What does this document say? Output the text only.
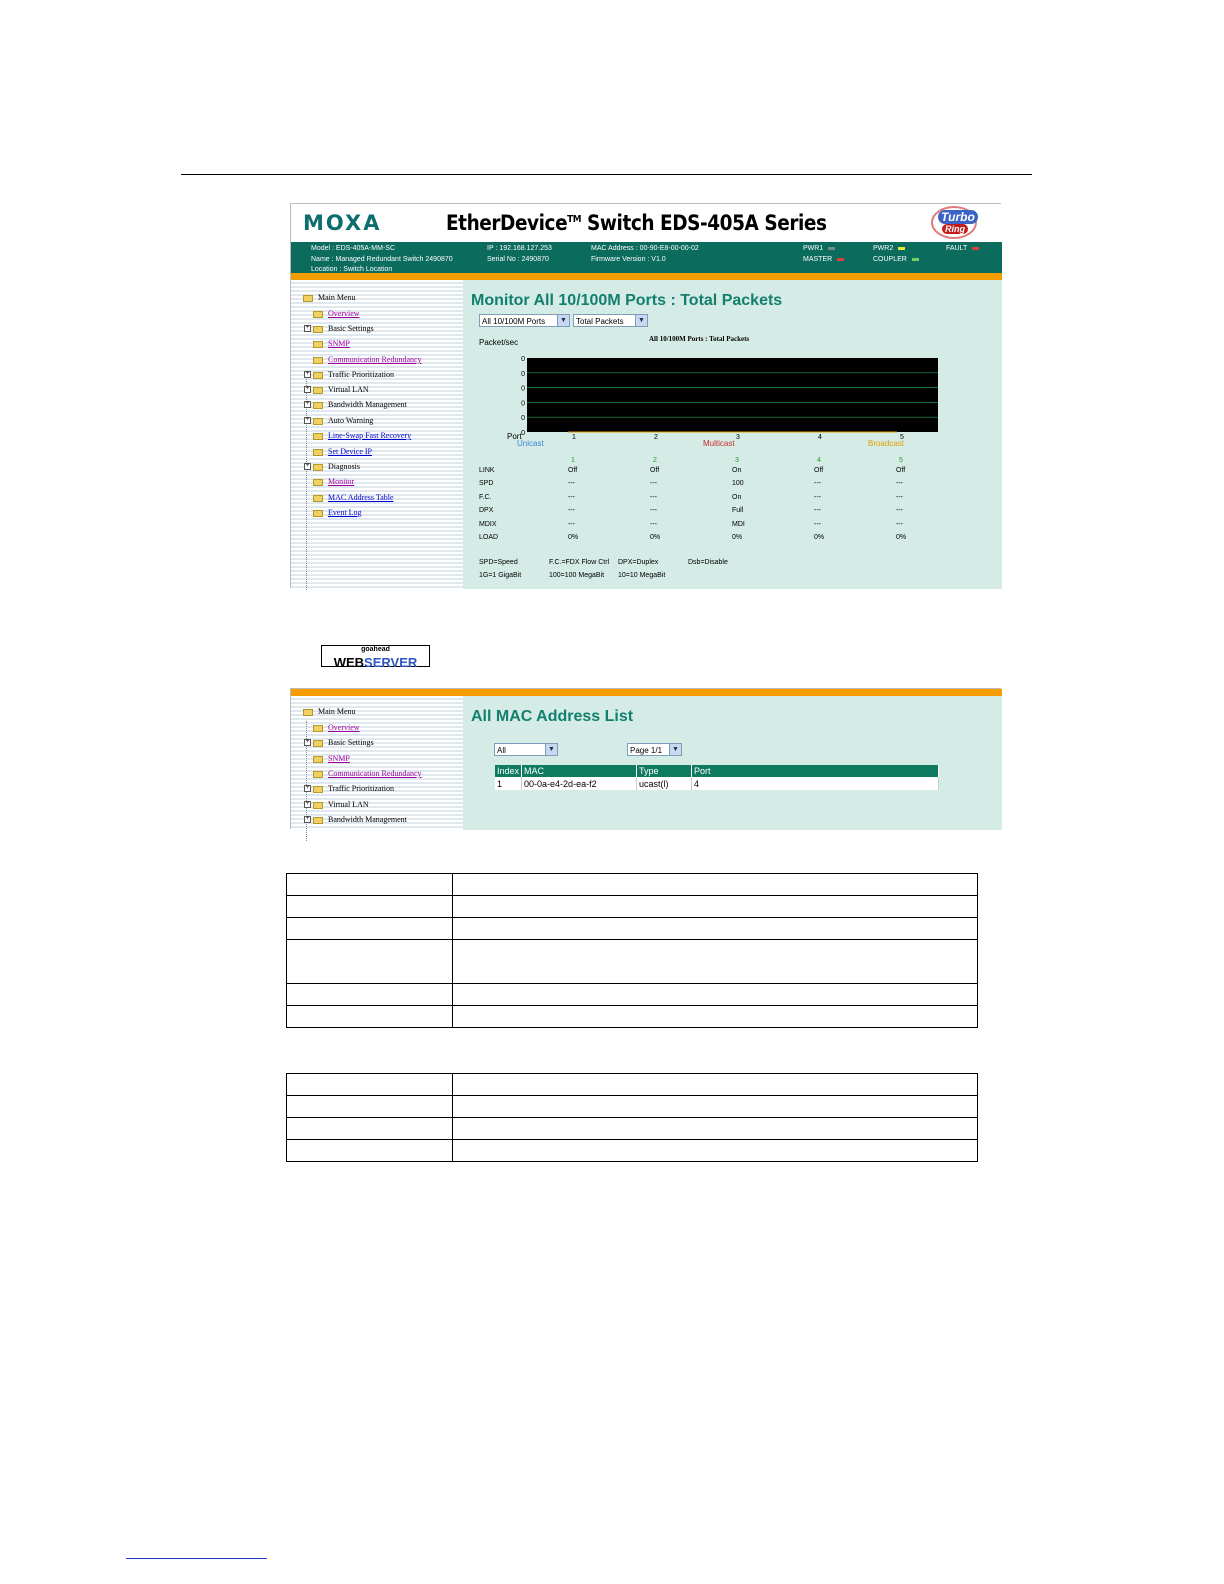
MOXA	EtherDevice™ Switch EDS-405A Series	Turbo
Ring
Model : EDS-405A-MM-SC
Name : Managed Redundant Switch 2490870
Location : Switch Location
IP : 192.168.127.253
Serial No : 2490870
MAC Address : 00-90-E8-00-00-02
Firmware Version : V1.0
PWR1
MASTER
PWR2
COUPLER
FAULT
Main Menu
Overview
+	Basic Settings
SNMP
Communication Redundancy
+	Traffic Prioritization
+	Virtual LAN
+	Bandwidth Management
+	Auto Warning
Line-Swap Fast Recovery
Set Device IP
+	Diagnosis
Monitor
MAC Address Table
Event Log
goahead
WEBSERVER
Monitor All 10/100M Ports : Total Packets
All 10/100M Ports	▼	Total Packets	▼
Packet/sec	All 10/100M Ports : Total Packets
0
0
0
0
0
0
Port	1	2	3	4	5
Unicast	Multicast	Broadcast
1	2	3	4	5
LINK	Off	Off	On	Off	Off
SPD	---	---	100	---	---
F.C.	---	---	On	---	---
DPX	---	---	Full	---	---
MDIX	---	---	MDI	---	---
LOAD	0%	0%	0%	0%	0%
SPD=Speed	F.C.=FDX Flow Ctrl DPX=Duplex	Dsb=Disable
1G=1 GigaBit	100=100 MegaBit 10=10 MegaBit
Main Menu
Overview
+	Basic Settings
SNMP
Communication Redundancy
+	Traffic Prioritization
+	Virtual LAN
+	Bandwidth Management
All MAC Address List
All	▼	Page 1/1	▼
Index	MAC	Type	Port
1	00-0a-e4-2d-ea-f2	ucast(l)	4
